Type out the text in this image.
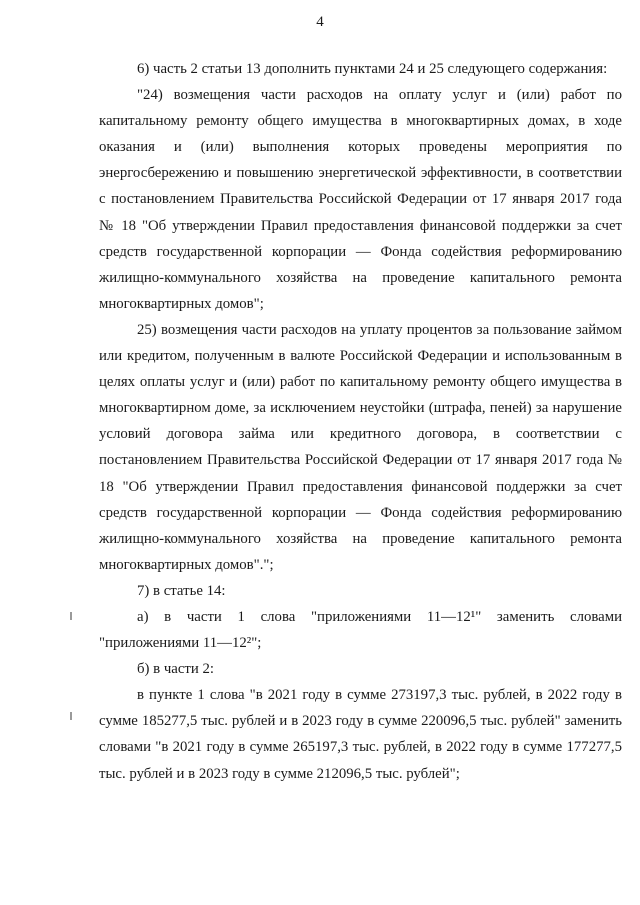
4

6) часть 2 статьи 13 дополнить пунктами 24 и 25 следующего содержания:

"24) возмещения части расходов на оплату услуг и (или) работ по капитальному ремонту общего имущества в многоквартирных домах, в ходе оказания и (или) выполнения которых проведены мероприятия по энергосбережению и повышению энергетической эффективности, в соответствии с постановлением Правительства Российской Федерации от 17 января 2017 года № 18 "Об утверждении Правил предоставления финансовой поддержки за счет средств государственной корпорации — Фонда содействия реформированию жилищно-коммунального хозяйства на проведение капитального ремонта многоквартирных домов";

25) возмещения части расходов на уплату процентов за пользование займом или кредитом, полученным в валюте Российской Федерации и использованным в целях оплаты услуг и (или) работ по капитальному ремонту общего имущества в многоквартирном доме, за исключением неустойки (штрафа, пеней) за нарушение условий договора займа или кредитного договора, в соответствии с постановлением Правительства Российской Федерации от 17 января 2017 года № 18 "Об утверждении Правил предоставления финансовой поддержки за счет средств государственной корпорации — Фонда содействия реформированию жилищно-коммунального хозяйства на проведение капитального ремонта многоквартирных домов".";

7) в статье 14:

а) в части 1 слова "приложениями 11—12¹" заменить словами "приложениями 11—12²";

б) в части 2:

в пункте 1 слова "в 2021 году в сумме 273197,3 тыс. рублей, в 2022 году в сумме 185277,5 тыс. рублей и в 2023 году в сумме 220096,5 тыс. рублей" заменить словами "в 2021 году в сумме 265197,3 тыс. рублей, в 2022 году в сумме 177277,5 тыс. рублей и в 2023 году в сумме 212096,5 тыс. рублей";
